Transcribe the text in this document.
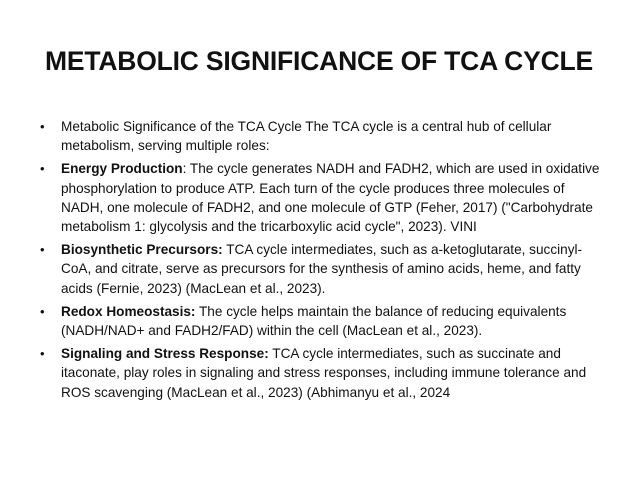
METABOLIC SIGNIFICANCE OF TCA CYCLE
• Metabolic Significance of the TCA Cycle The TCA cycle is a central hub of cellular metabolism, serving multiple roles:
• Energy Production: The cycle generates NADH and FADH2, which are used in oxidative phosphorylation to produce ATP. Each turn of the cycle produces three molecules of NADH, one molecule of FADH2, and one molecule of GTP (Feher, 2017) ("Carbohydrate metabolism 1: glycolysis and the tricarboxylic acid cycle", 2023). VINI
• Biosynthetic Precursors: TCA cycle intermediates, such as a-ketoglutarate, succinyl-CoA, and citrate, serve as precursors for the synthesis of amino acids, heme, and fatty acids (Fernie, 2023) (MacLean et al., 2023).
• Redox Homeostasis: The cycle helps maintain the balance of reducing equivalents (NADH/NAD+ and FADH2/FAD) within the cell (MacLean et al., 2023).
• Signaling and Stress Response: TCA cycle intermediates, such as succinate and itaconate, play roles in signaling and stress responses, including immune tolerance and ROS scavenging (MacLean et al., 2023) (Abhimanyu et al., 2024
